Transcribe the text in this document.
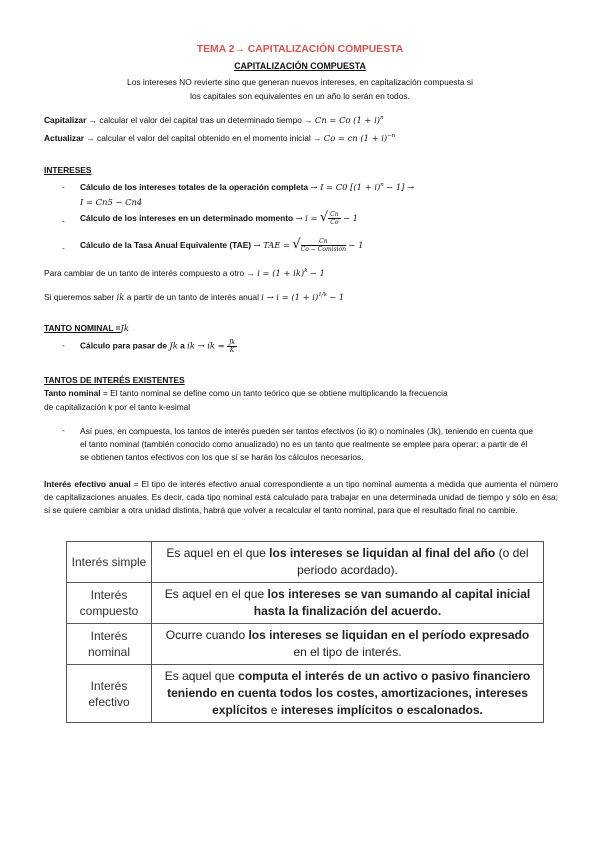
TEMA 2→ CAPITALIZACIÓN COMPUESTA
CAPITALIZACIÓN COMPUESTA
Los intereses NO revierte sino que generan nuevos intereses, en capitalización compuesta si
los capitales son equivalentes en un año lo serán en todos.
Capitalizar → calcular el valor del capital tras un determinado tiempo → Cn = Co $(1 + i)^n$
Actualizar → calcular el valor del capital obtenido en el momento inicial → Co = cn $(1 + i)^{-n}$
INTERESES
- Cálculo de los intereses totales de la operación completa → I = C0 $[(1 + i)^n - 1]$ →
I = Cn5 − Cn4
- Cálculo de los intereses en un determinado momento → i = √ $\frac{Cn}{Co} - 1$
- Cálculo de la Tasa Anual Equivalente (TAE) → TAE = √ $\frac{Cn}{\text{Co − Comisión}} - 1$
Para cambiar de un tanto de interés compuesto a otro → i = (1 + ik)$^k$ − 1
Si queremos saber ik a partir de un tanto de interés anual $i \to i = (1 + i)^{1/k} - 1$
TANTO NOMINAL =Jk
- Cálculo para pasar de Jk a ik → ik = $\frac{Jk}{K}$
TANTOS DE INTERÉS EXISTENTES
Tanto nominal = El tanto nominal se define como un tanto teórico que se obtiene multiplicando la frecuencia
de capitalización k por el tanto k-esimal
- Así pues, en compuesta, los tantos de interés pueden ser tantos efectivos (io ik) o nominales (Jk), teniendo en cuenta que el tanto nominal (también conocido como anualizado) no es un tanto que realmente se emplee para operar: a partir de él se obtienen tantos efectivos con los que sí se harán los cálculos necesarios.
Interés efectivo anual = El tipo de interés efectivo anual correspondiente a un tipo nominal aumenta a medida que aumenta el número de capitalizaciones anuales. Es decir, cada tipo nominal está calculado para trabajar en una determinada unidad de tiempo y sólo en ésa; si se quiere cambiar a otra unidad distinta, habrá que volver a recalcular el tanto nominal, para que el resultado final no cambie.
Interés simple	Es aquel en el que los intereses se liquidan al final del año (o del periodo acordado).
Interés compuesto	Es aquel en el que los intereses se van sumando al capital inicial hasta la finalización del acuerdo.
Interés nominal	Ocurre cuando los intereses se liquidan en el período expresado en el tipo de interés.
Interés efectivo	Es aquel que computa el interés de un activo o pasivo financiero teniendo en cuenta todos los costes, amortizaciones, intereses explícitos e intereses implícitos o escalonados.
